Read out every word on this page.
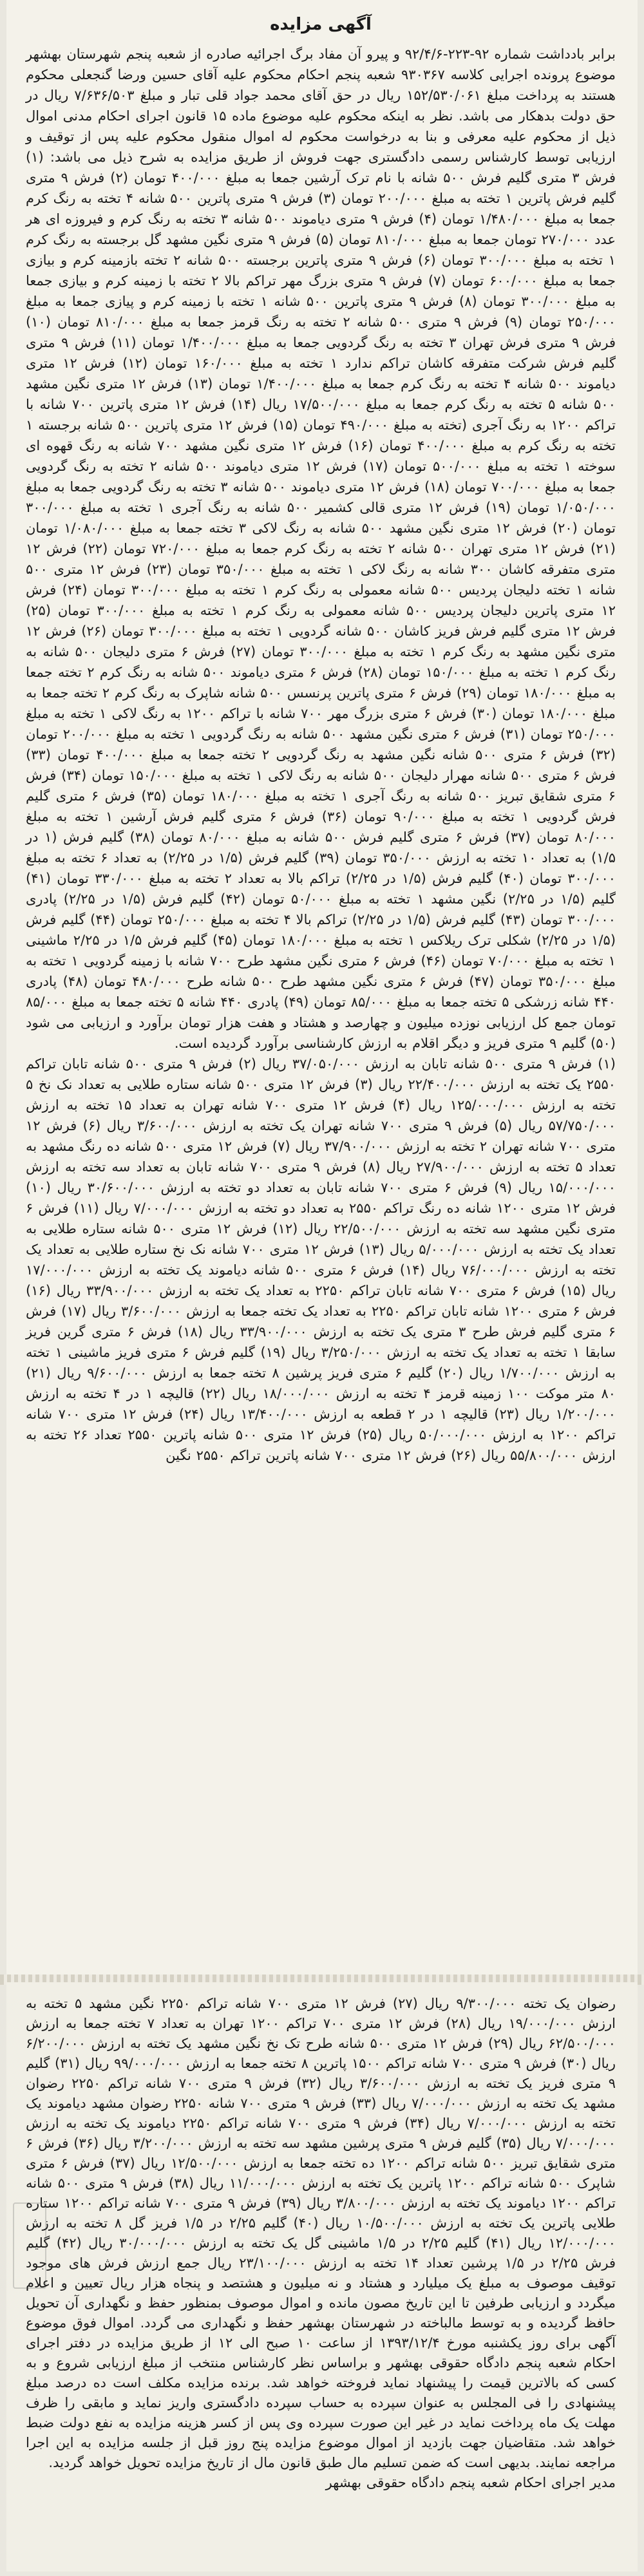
آگهی مزایده

برابر بادداشت شماره ۹۲-۲۲۳-۹۲/۴/۶ و پیرو آن مفاد برگ اجرائیه صادره از شعبه پنجم شهرستان بهشهر موضوع پرونده اجرایی کلاسه ۹۳۰۳۶۷ شعبه پنجم احکام محکوم علیه آقای حسین ورضا گنجعلی محکوم هستند به پرداخت مبلغ ۱۵۲/۵۳۰/۰۶۱ ریال در حق آقای محمد جواد قلی تبار و مبلغ ۷/۶۳۶/۵۰۳ ریال در حق دولت بدهکار می باشد. نظر به اینکه محکوم علیه موضوع ماده ۱۵ قانون اجرای احکام مدنی اموال ذیل از محکوم علیه معرفی و بنا به درخواست محکوم له اموال منقول محکوم علیه پس از توقیف و ارزیابی توسط کارشناس رسمی دادگستری جهت فروش از طریق مزایده به شرح ذیل می باشد: (۱) فرش ۳ متری گلیم فرش ۵۰۰ شانه با نام ترک آرشین جمعا به مبلغ ۴۰۰/۰۰۰ تومان (۲) فرش ۹ متری گلیم فرش پاترین ۱ تخته به مبلغ ۲۰۰/۰۰۰ تومان (۳) فرش ۹ متری پاترین ۵۰۰ شانه ۴ تخته به رنگ کرم جمعا به مبلغ ۱/۴۸۰/۰۰۰ تومان (۴) فرش ۹ متری دیاموند ۵۰۰ شانه ۳ تخته به رنگ کرم و فیروزه ای هر عدد ۲۷۰/۰۰۰ تومان جمعا به مبلغ ۸۱۰/۰۰۰ تومان (۵) فرش ۹ متری نگین مشهد گل برجسته به رنگ کرم ۱ تخته به مبلغ ۳۰۰/۰۰۰ تومان (۶) فرش ۹ متری پاترین برجسته ۵۰۰ شانه ۲ تخته بازمینه کرم و بیازی جمعا به مبلغ ۶۰۰/۰۰۰ تومان (۷) فرش ۹ متری بزرگ مهر تراکم بالا ۲ تخته با زمینه کرم و بیازی جمعا به مبلغ ۳۰۰/۰۰۰ تومان (۸) فرش ۹ متری پاترین ۵۰۰ شانه ۱ تخته با زمینه کرم و پیازی جمعا به مبلغ ۲۵۰/۰۰۰ تومان (۹) فرش ۹ متری ۵۰۰ شانه ۲ تخته به رنگ قرمز جمعا به مبلغ ۸۱۰/۰۰۰ تومان (۱۰) فرش ۹ متری فرش تهران ۳ تخته به رنگ گردویی جمعا به مبلغ ۱/۴۰۰/۰۰۰ تومان (۱۱) فرش ۹ متری گلیم فرش شرکت متفرقه کاشان تراکم ندارد ۱ تخته به مبلغ ۱۶۰/۰۰۰ تومان (۱۲) فرش ۱۲ متری دیاموند ۵۰۰ شانه ۴ تخته به رنگ کرم جمعا به مبلغ ۱/۴۰۰/۰۰۰ تومان (۱۳) فرش ۱۲ متری نگین مشهد ۵۰۰ شانه ۵ تخته به رنگ کرم جمعا به مبلغ ۱۷/۵۰۰/۰۰۰ ریال (۱۴) فرش ۱۲ متری پاترین ۷۰۰ شانه با تراکم ۱۲۰۰ به رنگ آجری (تخته به مبلغ ۴۹۰/۰۰۰ تومان (۱۵) فرش ۱۲ متری پاترین ۵۰۰ شانه برجسته ۱ تخته به رنگ کرم به مبلغ ۴۰۰/۰۰۰ تومان (۱۶) فرش ۱۲ متری نگین مشهد ۷۰۰ شانه به رنگ قهوه ای سوخته ۱ تخته به مبلغ ۵۰۰/۰۰۰ تومان (۱۷) فرش ۱۲ متری دیاموند ۵۰۰ شانه ۲ تخته به رنگ گردویی جمعا به مبلغ ۷۰۰/۰۰۰ تومان (۱۸) فرش ۱۲ متری دیاموند ۵۰۰ شانه ۳ تخته به رنگ گردویی جمعا به مبلغ ۱/۰۵۰/۰۰۰ تومان (۱۹) فرش ۱۲ متری قالی کشمیر ۵۰۰ شانه به رنگ آجری ۱ تخته به مبلغ ۳۰۰/۰۰۰ تومان (۲۰) فرش ۱۲ متری نگین مشهد ۵۰۰ شانه به رنگ لاکی ۳ تخته جمعا به مبلغ ۱/۰۸۰/۰۰۰ تومان (۲۱) فرش ۱۲ متری تهران ۵۰۰ شانه ۲ تخته به رنگ کرم جمعا به مبلغ ۷۲۰/۰۰۰ تومان (۲۲) فرش ۱۲ متری متفرقه کاشان ۳۰۰ شانه به رنگ لاکی ۱ تخته به مبلغ ۳۵۰/۰۰۰ تومان (۲۳) فرش ۱۲ متری ۵۰۰ شانه ۱ تخته دلیجان پردیس ۵۰۰ شانه معمولی به رنگ کرم ۱ تخته به مبلغ ۳۰۰/۰۰۰ تومان (۲۴) فرش ۱۲ متری پاترین دلیجان پردیس ۵۰۰ شانه معمولی به رنگ کرم ۱ تخته به مبلغ ۳۰۰/۰۰۰ تومان (۲۵) فرش ۱۲ متری گلیم فرش فریز کاشان ۵۰۰ شانه گردویی ۱ تخته به مبلغ ۳۰۰/۰۰۰ تومان (۲۶) فرش ۱۲ متری نگین مشهد به رنگ کرم ۱ تخته به مبلغ ۳۰۰/۰۰۰ تومان (۲۷) فرش ۶ متری دلیجان ۵۰۰ شانه به رنگ کرم ۱ تخته به مبلغ ۱۵۰/۰۰۰ تومان (۲۸) فرش ۶ متری دیاموند ۵۰۰ شانه به رنگ کرم ۲ تخته جمعا به مبلغ ۱۸۰/۰۰۰ تومان (۲۹) فرش ۶ متری پاترین پرنسس ۵۰۰ شانه شاپرک به رنگ کرم ۲ تخته جمعا به مبلغ ۱۸۰/۰۰۰ تومان (۳۰) فرش ۶ متری بزرگ مهر ۷۰۰ شانه با تراکم ۱۲۰۰ به رنگ لاکی ۱ تخته به مبلغ ۲۵۰/۰۰۰ تومان (۳۱) فرش ۶ متری نگین مشهد ۵۰۰ شانه به رنگ گردویی ۱ تخته به مبلغ ۲۰۰/۰۰۰ تومان (۳۲) فرش ۶ متری ۵۰۰ شانه نگین مشهد به رنگ گردویی ۲ تخته جمعا به مبلغ ۴۰۰/۰۰۰ تومان (۳۳) فرش ۶ متری ۵۰۰ شانه مهرار دلیجان ۵۰۰ شانه به رنگ لاکی ۱ تخته به مبلغ ۱۵۰/۰۰۰ تومان (۳۴) فرش ۶ متری شقایق تبریز ۵۰۰ شانه به رنگ آجری ۱ تخته به مبلغ ۱۸۰/۰۰۰ تومان (۳۵) فرش ۶ متری گلیم فرش گردویی ۱ تخته به مبلغ ۹۰/۰۰۰ تومان (۳۶) فرش ۶ متری گلیم فرش آرشین ۱ تخته به مبلغ ۸۰/۰۰۰ تومان (۳۷) فرش ۶ متری گلیم فرش ۵۰۰ شانه به مبلغ ۸۰/۰۰۰ تومان (۳۸) گلیم فرش (۱ در ۱/۵) به تعداد ۱۰ تخته به ارزش ۳۵۰/۰۰۰ تومان (۳۹) گلیم فرش (۱/۵ در ۲/۲۵) به تعداد ۶ تخته به مبلغ ۳۰۰/۰۰۰ تومان (۴۰) گلیم فرش (۱/۵ در ۲/۲۵) تراکم بالا به تعداد ۲ تخته به مبلغ ۳۳۰/۰۰۰ تومان (۴۱) گلیم (۱/۵ در ۲/۲۵) نگین مشهد ۱ تخته به مبلغ ۵۰/۰۰۰ تومان (۴۲) گلیم فرش (۱/۵ در ۲/۲۵) پادری ۳۰۰/۰۰۰ تومان (۴۳) گلیم فرش (۱/۵ در ۲/۲۵) تراکم بالا ۴ تخته به مبلغ ۲۵۰/۰۰۰ تومان (۴۴) گلیم فرش (۱/۵ در ۲/۲۵) شکلی ترک ریلاکس ۱ تخته به مبلغ ۱۸۰/۰۰۰ تومان (۴۵) گلیم فرش ۱/۵ در ۲/۲۵ ماشینی ۱ تخته به مبلغ ۷۰/۰۰۰ تومان (۴۶) فرش ۶ متری نگین مشهد طرح ۷۰۰ شانه با زمینه گردویی ۱ تخته به مبلغ ۳۵۰/۰۰۰ تومان (۴۷) فرش ۶ متری نگین مشهد طرح ۵۰۰ شانه طرح ۴۸۰/۰۰۰ تومان (۴۸) پادری ۴۴۰ شانه زرشکی ۵ تخته جمعا به مبلغ ۸۵/۰۰۰ تومان (۴۹) پادری ۴۴۰ شانه ۵ تخته جمعا به مبلغ ۸۵/۰۰۰ تومان جمع کل ارزیابی نوزده میلیون و چهارصد و هشتاد و هفت هزار تومان برآورد و ارزیابی می شود (۵۰) گلیم ۹ متری فریز و دیگر اقلام به ارزش کارشناسی برآورد گردیده است.

(۱) فرش ۹ متری ۵۰۰ شانه تابان به ارزش ۳۷/۰۵۰/۰۰۰ ریال (۲) فرش ۹ متری ۵۰۰ شانه تابان تراکم ۲۵۵۰ یک تخته به ارزش ۲۲/۴۰۰/۰۰۰ ریال (۳) فرش ۱۲ متری ۵۰۰ شانه ستاره طلایی به تعداد نک نخ ۵ تخته به ارزش ۱۲۵/۰۰۰/۰۰۰ ریال (۴) فرش ۱۲ متری ۷۰۰ شانه تهران به تعداد ۱۵ تخته به ارزش ۵۷/۷۵۰/۰۰۰ ریال (۵) فرش ۹ متری ۷۰۰ شانه تهران یک تخته به ارزش ۳/۶۰۰/۰۰۰ ریال (۶) فرش ۱۲ متری ۷۰۰ شانه تهران ۲ تخته به ارزش ۳۷/۹۰۰/۰۰۰ ریال (۷) فرش ۱۲ متری ۵۰۰ شانه ده رنگ مشهد به تعداد ۵ تخته به ارزش ۲۷/۹۰۰/۰۰۰ ریال (۸) فرش ۹ متری ۷۰۰ شانه تابان به تعداد سه تخته به ارزش ۱۵/۰۰۰/۰۰۰ ریال (۹) فرش ۶ متری ۷۰۰ شانه تابان به تعداد دو تخته به ارزش ۳۰/۶۰۰/۰۰۰ ریال (۱۰) فرش ۱۲ متری ۱۲۰۰ شانه ده رنگ تراکم ۲۵۵۰ به تعداد دو تخته به ارزش ۷/۰۰۰/۰۰۰ ریال (۱۱) فرش ۶ متری نگین مشهد سه تخته به ارزش ۲۲/۵۰۰/۰۰۰ ریال (۱۲) فرش ۱۲ متری ۵۰۰ شانه ستاره طلایی به تعداد یک تخته به ارزش ۵/۰۰۰/۰۰۰ ریال (۱۳) فرش ۱۲ متری ۷۰۰ شانه نک نخ ستاره طلایی به تعداد یک تخته به ارزش ۷۶/۰۰۰/۰۰۰ ریال (۱۴) فرش ۶ متری ۵۰۰ شانه دیاموند یک تخته به ارزش ۱۷/۰۰۰/۰۰۰ ریال (۱۵) فرش ۶ متری ۷۰۰ شانه تابان تراکم ۲۲۵۰ به تعداد یک تخته به ارزش ۳۳/۹۰۰/۰۰۰ ریال (۱۶) فرش ۶ متری ۱۲۰۰ شانه تابان تراکم ۲۲۵۰ به تعداد یک تخته جمعا به ارزش ۳/۶۰۰/۰۰۰ ریال (۱۷) فرش ۶ متری گلیم فرش طرح ۳ متری یک تخته به ارزش ۳۳/۹۰۰/۰۰۰ ریال (۱۸) فرش ۶ متری گرین فریز سابقا ۱ تخته به تعداد یک تخته به ارزش ۳/۲۵۰/۰۰۰ ریال (۱۹) گلیم فرش ۶ متری فریز ماشینی ۱ تخته به ارزش ۱/۷۰۰/۰۰۰ ریال (۲۰) گلیم ۶ متری فریز پرشین ۸ تخته جمعا به ارزش ۹/۶۰۰/۰۰۰ ریال (۲۱) ۸۰ متر موکت ۱۰۰ زمینه قرمز ۴ تخته به ارزش ۱۸/۰۰۰/۰۰۰ ریال (۲۲) قالیچه ۱ در ۴ تخته به ارزش ۱/۲۰۰/۰۰۰ ریال (۲۳) قالیچه ۱ در ۲ قطعه به ارزش ۱۳/۴۰۰/۰۰۰ ریال (۲۴) فرش ۱۲ متری ۷۰۰ شانه تراکم ۱۲۰۰ به ارزش ۵۰/۰۰۰/۰۰۰ ریال (۲۵) فرش ۱۲ متری ۵۰۰ شانه پاترین ۲۵۵۰ تعداد ۲۶ تخته به ارزش ۵۵/۸۰۰/۰۰۰ ریال (۲۶) فرش ۱۲ متری ۷۰۰ شانه پاترین تراکم ۲۵۵۰ نگین

رضوان یک تخته ۹/۳۰۰/۰۰۰ ریال (۲۷) فرش ۱۲ متری ۷۰۰ شانه تراکم ۲۲۵۰ نگین مشهد ۵ تخته به ارزش ۱۹/۰۰۰/۰۰۰ ریال (۲۸) فرش ۱۲ متری ۷۰۰ تراکم ۱۲۰۰ تهران به تعداد ۷ تخته جمعا به ارزش ۶۲/۵۰۰/۰۰۰ ریال (۲۹) فرش ۱۲ متری ۵۰۰ شانه طرح تک نخ نگین مشهد یک تخته به ارزش ۶/۲۰۰/۰۰۰ ریال (۳۰) فرش ۹ متری ۷۰۰ شانه تراکم ۱۵۰۰ پاترین ۸ تخته جمعا به ارزش ۹۹/۰۰۰/۰۰۰ ریال (۳۱) گلیم ۹ متری فریز یک تخته به ارزش ۳/۶۰۰/۰۰۰ ریال (۳۲) فرش ۹ متری ۷۰۰ شانه تراکم ۲۲۵۰ رضوان مشهد یک تخته به ارزش ۷/۰۰۰/۰۰۰ ریال (۳۳) فرش ۹ متری ۷۰۰ شانه ۲۲۵۰ رضوان مشهد دیاموند یک تخته به ارزش ۷/۰۰۰/۰۰۰ ریال (۳۴) فرش ۹ متری ۷۰۰ شانه تراکم ۲۲۵۰ دیاموند یک تخته به ارزش ۷/۰۰۰/۰۰۰ ریال (۳۵) گلیم فرش ۹ متری پرشین مشهد سه تخته به ارزش ۳/۲۰۰/۰۰۰ ریال (۳۶) فرش ۶ متری شقایق تبریز ۵۰۰ شانه تراکم ۱۲۰۰ ده تخته جمعا به ارزش ۱۲/۵۰۰/۰۰۰ ریال (۳۷) فرش ۶ متری شاپرک ۵۰۰ شانه تراکم ۱۲۰۰ پاترین یک تخته به ارزش ۱۱/۰۰۰/۰۰۰ ریال (۳۸) فرش ۹ متری ۵۰۰ شانه تراکم ۱۲۰۰ دیاموند یک تخته به ارزش ۳/۸۰۰/۰۰۰ ریال (۳۹) فرش ۹ متری ۷۰۰ شانه تراکم ۱۲۰۰ ستاره طلایی پاترین یک تخته به ارزش ۱۰/۵۰۰/۰۰۰ ریال (۴۰) گلیم ۲/۲۵ در ۱/۵ فریز گل ۸ تخته به ارزش ۱۲/۰۰۰/۰۰۰ ریال (۴۱) گلیم ۲/۲۵ در ۱/۵ ماشینی گل یک تخته به ارزش ۳۰/۰۰۰/۰۰۰ ریال (۴۲) گلیم فرش ۲/۲۵ در ۱/۵ پرشین تعداد ۱۴ تخته به ارزش ۲۳/۱۰۰/۰۰۰ ریال جمع ارزش فرش های موجود توقیف موصوف به مبلغ یک میلیارد و هشتاد و نه میلیون و هشتصد و پنجاه هزار ریال تعیین و اعلام میگردد و ارزیابی طرفین تا این تاریخ مصون مانده و اموال موصوف بمنظور حفظ و نگهداری آن تحویل حافظ گردیده و به توسط مالباخته در شهرستان بهشهر حفظ و نگهداری می گردد. اموال فوق موضوع آگهی برای روز یکشنبه مورخ ۱۳۹۳/۱۲/۴ از ساعت ۱۰ صبح الی ۱۲ از طریق مزایده در دفتر اجرای احکام شعبه پنجم دادگاه حقوقی بهشهر و براساس نظر کارشناس منتخب از مبلغ ارزیابی شروع و به کسی که بالاترین قیمت را پیشنهاد نماید فروخته خواهد شد. برنده مزایده مکلف است ده درصد مبلغ پیشنهادی را فی المجلس به عنوان سپرده به حساب سپرده دادگستری واریز نماید و مابقی را ظرف مهلت یک ماه پرداخت نماید در غیر این صورت سپرده وی پس از کسر هزینه مزایده به نفع دولت ضبط خواهد شد. متقاضیان جهت بازدید از اموال موضوع مزایده پنج روز قبل از جلسه مزایده به این اجرا مراجعه نمایند. بدیهی است که ضمن تسلیم مال طبق قانون مال از تاریخ مزایده تحویل خواهد گردید.

مدیر اجرای احکام شعبه پنجم دادگاه حقوقی بهشهر
